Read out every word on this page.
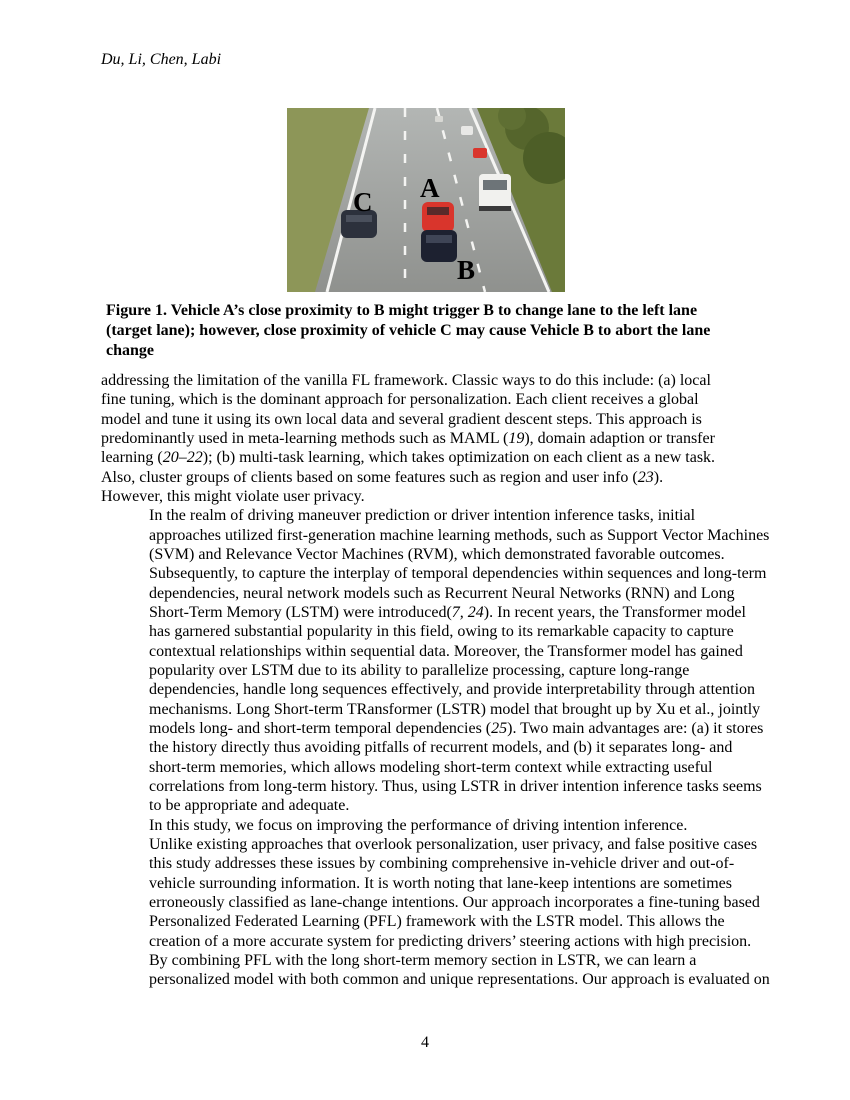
Du, Li, Chen, Labi
A
B
C
Figure 1. Vehicle A’s close proximity to B might trigger B to change lane to the left lane
(target lane); however, close proximity of vehicle C may cause Vehicle B to abort the lane
change

addressing the limitation of the vanilla FL framework. Classic ways to do this include: (a) local
fine tuning, which is the dominant approach for personalization. Each client receives a global
model and tune it using its own local data and several gradient descent steps. This approach is
predominantly used in meta-learning methods such as MAML (19), domain adaption or transfer
learning (20–22); (b) multi-task learning, which takes optimization on each client as a new task.
Also, cluster groups of clients based on some features such as region and user info (23).
However, this might violate user privacy.

In the realm of driving maneuver prediction or driver intention inference tasks, initial
approaches utilized first-generation machine learning methods, such as Support Vector Machines
(SVM) and Relevance Vector Machines (RVM), which demonstrated favorable outcomes.
Subsequently, to capture the interplay of temporal dependencies within sequences and long-term
dependencies, neural network models such as Recurrent Neural Networks (RNN) and Long
Short-Term Memory (LSTM) were introduced(7, 24). In recent years, the Transformer model
has garnered substantial popularity in this field, owing to its remarkable capacity to capture
contextual relationships within sequential data. Moreover, the Transformer model has gained
popularity over LSTM due to its ability to parallelize processing, capture long-range
dependencies, handle long sequences effectively, and provide interpretability through attention
mechanisms. Long Short-term TRansformer (LSTR) model that brought up by Xu et al., jointly
models long- and short-term temporal dependencies (25). Two main advantages are: (a) it stores
the history directly thus avoiding pitfalls of recurrent models, and (b) it separates long- and
short-term memories, which allows modeling short-term context while extracting useful
correlations from long-term history. Thus, using LSTR in driver intention inference tasks seems
to be appropriate and adequate.

In this study, we focus on improving the performance of driving intention inference.
Unlike existing approaches that overlook personalization, user privacy, and false positive cases
this study addresses these issues by combining comprehensive in-vehicle driver and out-of-
vehicle surrounding information. It is worth noting that lane-keep intentions are sometimes
erroneously classified as lane-change intentions. Our approach incorporates a fine-tuning based
Personalized Federated Learning (PFL) framework with the LSTR model. This allows the
creation of a more accurate system for predicting drivers’ steering actions with high precision.
By combining PFL with the long short-term memory section in LSTR, we can learn a
personalized model with both common and unique representations. Our approach is evaluated on

4
